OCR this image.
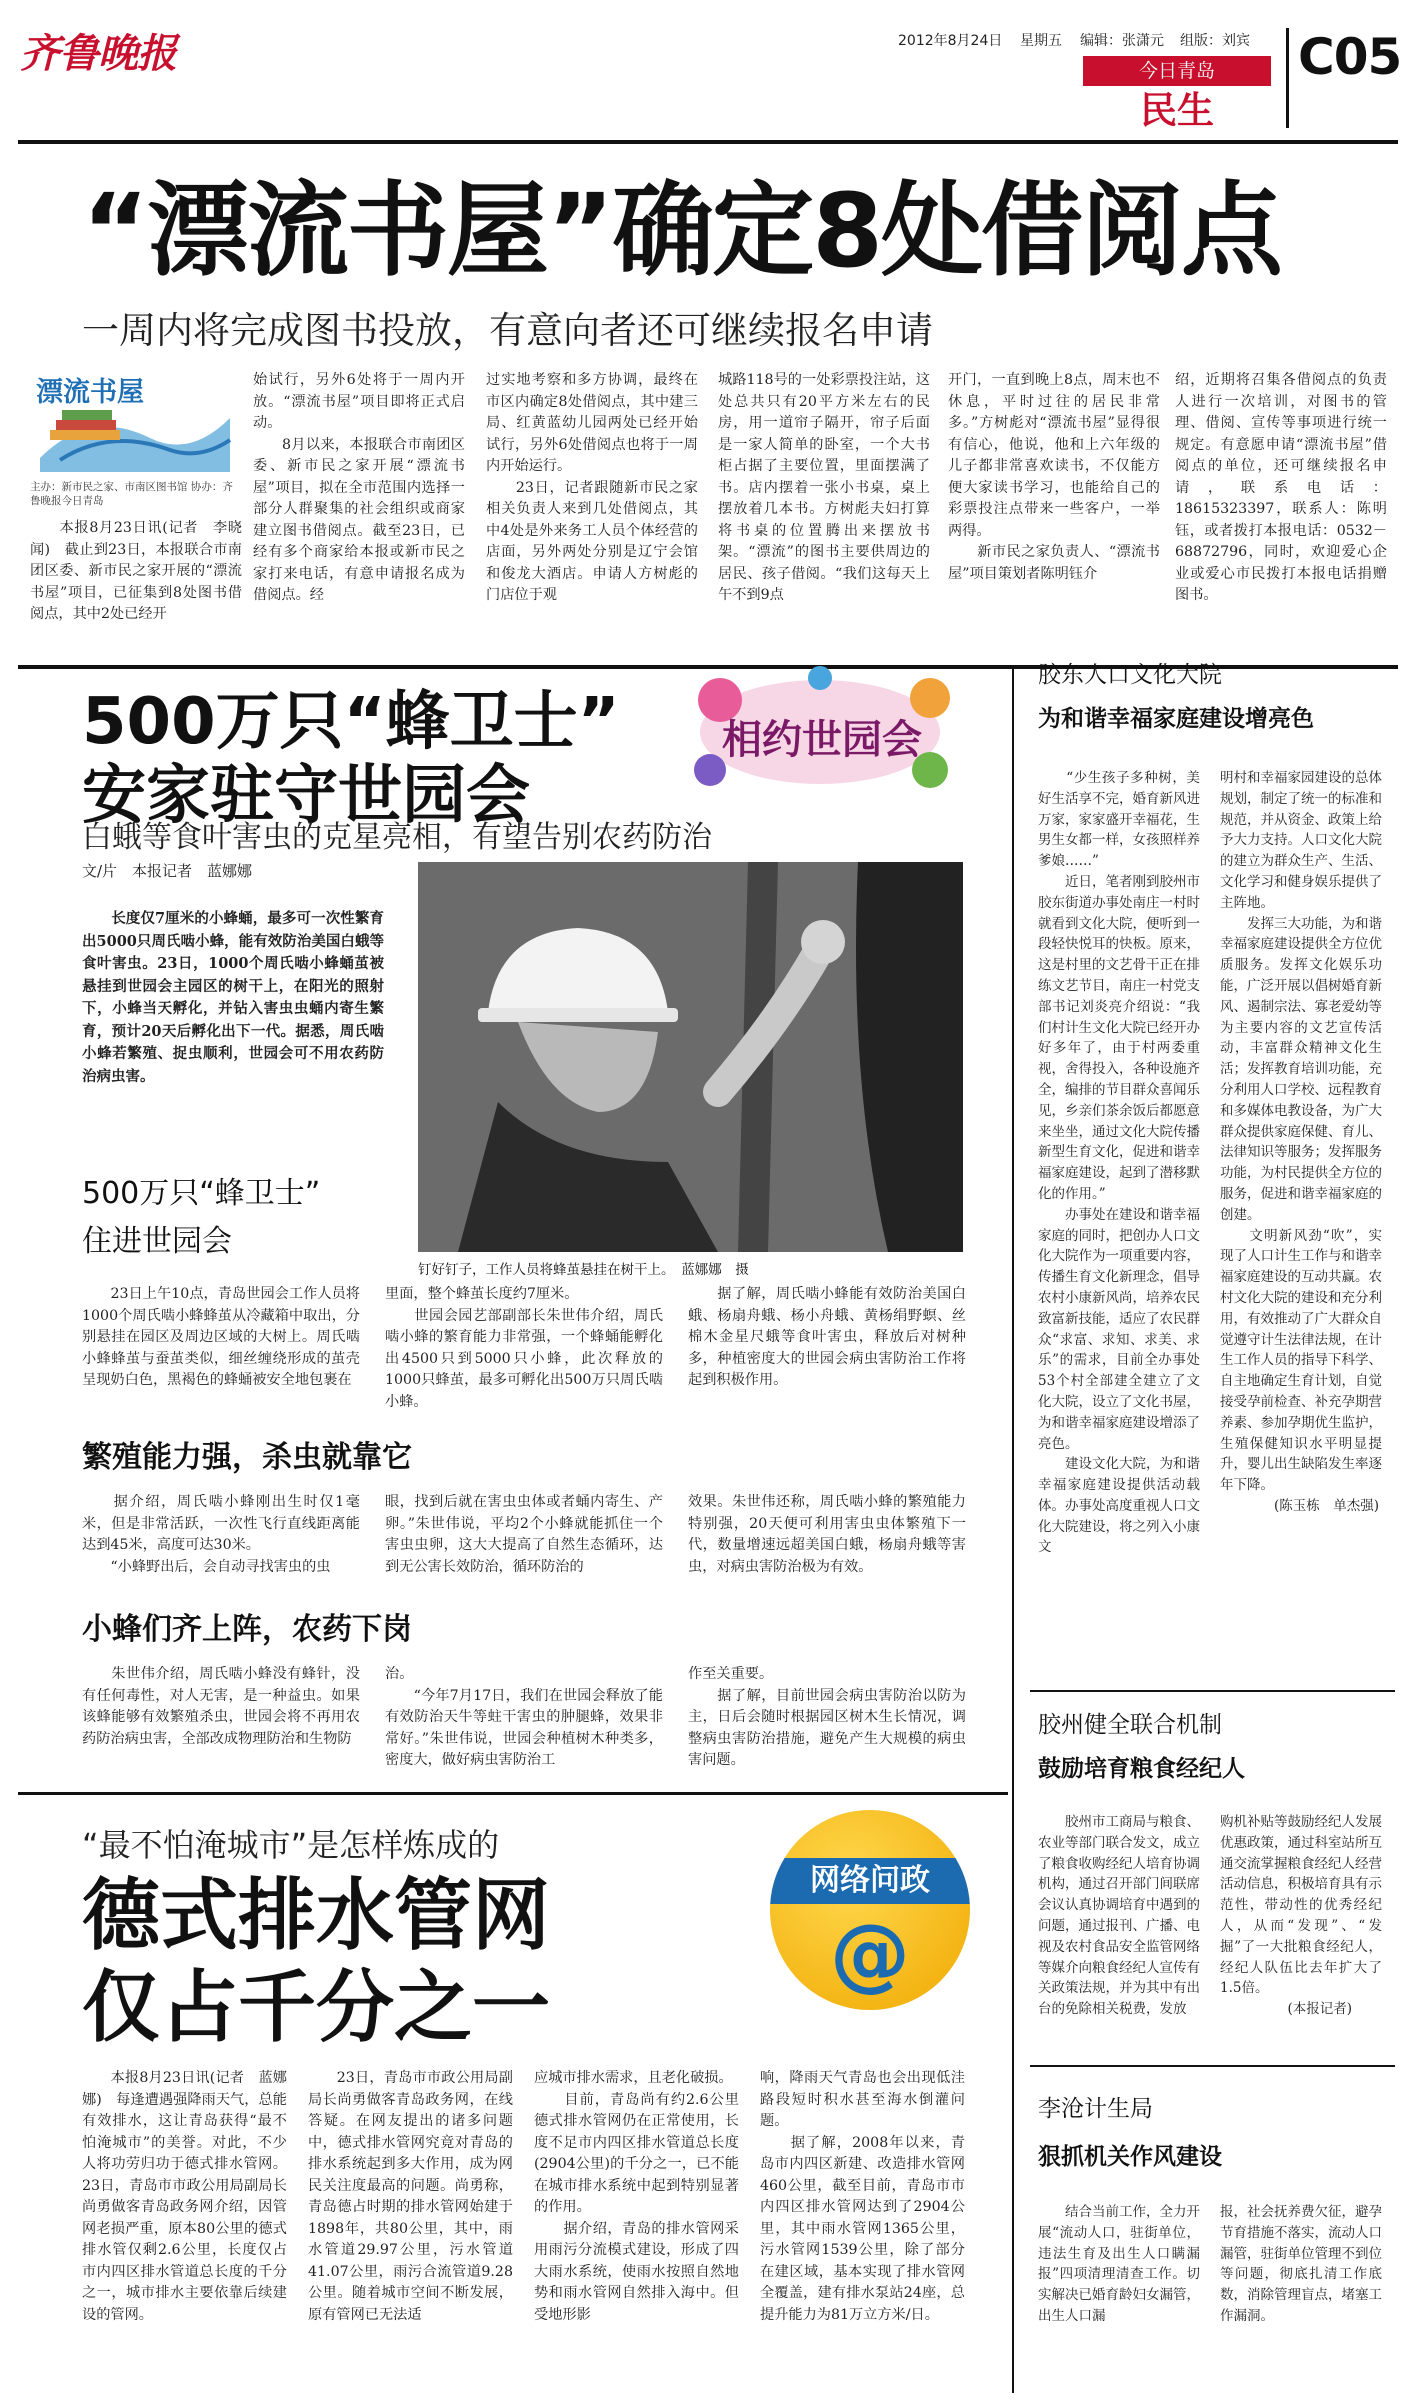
齐鲁晚报	2012年8月24日 星期五 编辑：张潇元 组版：刘宾
今日青岛
民生
C05
“漂流书屋”确定8处借阅点
一周内将完成图书投放，有意向者还可继续报名申请
漂流书屋
主办：新市民之家、市南区图书馆 协办：齐鲁晚报今日青岛
　　本报8月23日讯(记者　李晓闻)　截止到23日，本报联合市南团区委、新市民之家开展的“漂流书屋”项目，已征集到8处图书借阅点，其中2处已经开
始试行，另外6处将于一周内开放。“漂流书屋”项目即将正式启动。
　　8月以来，本报联合市南团区委、新市民之家开展“漂流书屋”项目，拟在全市范围内选择一部分人群聚集的社会组织或商家建立图书借阅点。截至23日，已经有多个商家给本报或新市民之家打来电话，有意申请报名成为借阅点。经
过实地考察和多方协调，最终在市区内确定8处借阅点，其中建三局、红黄蓝幼儿园两处已经开始试行，另外6处借阅点也将于一周内开始运行。
　　23日，记者跟随新市民之家相关负责人来到几处借阅点，其中4处是外来务工人员个体经营的店面，另外两处分别是辽宁会馆和俊龙大酒店。申请人方树彪的门店位于观
城路118号的一处彩票投注站，这处总共只有20平方米左右的民房，用一道帘子隔开，帘子后面是一家人简单的卧室，一个大书柜占据了主要位置，里面摆满了书。店内摆着一张小书桌，桌上摆放着几本书。方树彪夫妇打算将书桌的位置腾出来摆放书架。“漂流”的图书主要供周边的居民、孩子借阅。“我们这每天上午不到9点
开门，一直到晚上8点，周末也不休息，平时过往的居民非常多。”方树彪对“漂流书屋”显得很有信心，他说，他和上六年级的儿子都非常喜欢读书，不仅能方便大家读书学习，也能给自己的彩票投注点带来一些客户，一举两得。
　　新市民之家负责人、“漂流书屋”项目策划者陈明钰介
绍，近期将召集各借阅点的负责人进行一次培训，对图书的管理、借阅、宣传等事项进行统一规定。有意愿申请“漂流书屋”借阅点的单位，还可继续报名申请，联系电话：18615323397，联系人：陈明钰，或者拨打本报电话：0532－68872796，同时，欢迎爱心企业或爱心市民拨打本报电话捐赠图书。
500万只“蜂卫士”
安家驻守世园会
白蛾等食叶害虫的克星亮相，有望告别农药防治
相约世园会
文/片　本报记者　蓝娜娜
　　长度仅7厘米的小蜂蛹，最多可一次性繁育出5000只周氏啮小蜂，能有效防治美国白蛾等食叶害虫。23日，1000个周氏啮小蜂蛹茧被悬挂到世园会主园区的树干上，在阳光的照射下，小蜂当天孵化，并钻入害虫虫蛹内寄生繁育，预计20天后孵化出下一代。据悉，周氏啮小蜂若繁殖、捉虫顺利，世园会可不用农药防治病虫害。
钉好钉子，工作人员将蜂茧悬挂在树干上。　蓝娜娜　摄
500万只“蜂卫士”
住进世园会
　　23日上午10点，青岛世园会工作人员将1000个周氏啮小蜂蜂茧从冷藏箱中取出，分别悬挂在园区及周边区域的大树上。周氏啮小蜂蜂茧与蚕茧类似，细丝缠绕形成的茧壳呈现奶白色，黑褐色的蜂蛹被安全地包裹在
里面，整个蜂茧长度约7厘米。
　　世园会园艺部副部长朱世伟介绍，周氏啮小蜂的繁育能力非常强，一个蜂蛹能孵化出4500只到5000只小蜂，此次释放的1000只蜂茧，最多可孵化出500万只周氏啮小蜂。
　　据了解，周氏啮小蜂能有效防治美国白蛾、杨扇舟蛾、杨小舟蛾、黄杨绢野螟、丝棉木金星尺蛾等食叶害虫，释放后对树种多，种植密度大的世园会病虫害防治工作将起到积极作用。
繁殖能力强，杀虫就靠它
　　据介绍，周氏啮小蜂刚出生时仅1毫米，但是非常活跃，一次性飞行直线距离能达到45米，高度可达30米。
　　“小蜂野出后，会自动寻找害虫的虫
眼，找到后就在害虫虫体或者蛹内寄生、产卵。”朱世伟说，平均2个小蜂就能抓住一个害虫虫卵，这大大提高了自然生态循环，达到无公害长效防治，循环防治的
效果。朱世伟还称，周氏啮小蜂的繁殖能力特别强，20天便可利用害虫虫体繁殖下一代，数量增速远超美国白蛾，杨扇舟蛾等害虫，对病虫害防治极为有效。
小蜂们齐上阵，农药下岗
　　朱世伟介绍，周氏啮小蜂没有蜂针，没有任何毒性，对人无害，是一种益虫。如果该蜂能够有效繁殖杀虫，世园会将不再用农药防治病虫害，全部改成物理防治和生物防
治。
　　“今年7月17日，我们在世园会释放了能有效防治天牛等蛀干害虫的肿腿蜂，效果非常好。”朱世伟说，世园会种植树木种类多，密度大，做好病虫害防治工
作至关重要。
　　据了解，目前世园会病虫害防治以防为主，日后会随时根据园区树木生长情况，调整病虫害防治措施，避免产生大规模的病虫害问题。
“最不怕淹城市”是怎样炼成的
德式排水管网
仅占千分之一
网络问政
@
　　本报8月23日讯(记者　蓝娜娜)　每逢遭遇强降雨天气，总能有效排水，这让青岛获得“最不怕淹城市”的美誉。对此，不少人将功劳归功于德式排水管网。23日，青岛市市政公用局副局长尚勇做客青岛政务网介绍，因管网老损严重，原本80公里的德式排水管仅剩2.6公里，长度仅占市内四区排水管道总长度的千分之一，城市排水主要依靠后续建设的管网。
　　23日，青岛市市政公用局副局长尚勇做客青岛政务网，在线答疑。在网友提出的诸多问题中，德式排水管网究竟对青岛的排水系统起到多大作用，成为网民关注度最高的问题。尚勇称，青岛德占时期的排水管网始建于1898年，共80公里，其中，雨水管道29.97公里，污水管道41.07公里，雨污合流管道9.28公里。随着城市空间不断发展，原有管网已无法适
应城市排水需求，且老化破损。
　　目前，青岛尚有约2.6公里德式排水管网仍在正常使用，长度不足市内四区排水管道总长度(2904公里)的千分之一，已不能在城市排水系统中起到特别显著的作用。
　　据介绍，青岛的排水管网采用雨污分流模式建设，形成了四大雨水系统，使雨水按照自然地势和雨水管网自然排入海中。但受地形影
响，降雨天气青岛也会出现低洼路段短时积水甚至海水倒灌问题。
　　据了解，2008年以来，青岛市内四区新建、改造排水管网460公里，截至目前，青岛市市内四区排水管网达到了2904公里，其中雨水管网1365公里，污水管网1539公里，除了部分在建区域，基本实现了排水管网全覆盖，建有排水泵站24座，总提升能力为81万立方米/日。
胶东人口文化大院
为和谐幸福家庭建设增亮色
　　“少生孩子多种树，美好生活享不完，婚育新风进万家，家家盛开幸福花，生男生女都一样，女孩照样养爹娘……”
　　近日，笔者刚到胶州市胶东街道办事处南庄一村时就看到文化大院，便听到一段轻快悦耳的快板。原来，这是村里的文艺骨干正在排练文艺节目，南庄一村党支部书记刘炎亮介绍说：“我们村计生文化大院已经开办好多年了，由于村两委重视，舍得投入，各种设施齐全，编排的节目群众喜闻乐见，乡亲们茶余饭后都愿意来坐坐，通过文化大院传播新型生育文化，促进和谐幸福家庭建设，起到了潜移默化的作用。”
　　办事处在建设和谐幸福家庭的同时，把创办人口文化大院作为一项重要内容，传播生育文化新理念，倡导农村小康新风尚，培养农民致富新技能，适应了农民群众“求富、求知、求美、求乐”的需求，目前全办事处53个村全部建全建立了文化大院，设立了文化书屋，为和谐幸福家庭建设增添了亮色。
　　建设文化大院，为和谐幸福家庭建设提供活动载体。办事处高度重视人口文化大院建设，将之列入小康文
明村和幸福家园建设的总体规划，制定了统一的标准和规范，并从资金、政策上给予大力支持。人口文化大院的建立为群众生产、生活、文化学习和健身娱乐提供了主阵地。
　　发挥三大功能，为和谐幸福家庭建设提供全方位优质服务。发挥文化娱乐功能，广泛开展以倡树婚育新风、遏制宗法、寡老爱幼等为主要内容的文艺宣传活动，丰富群众精神文化生活；发挥教育培训功能，充分利用人口学校、远程教育和多媒体电教设备，为广大群众提供家庭保健、育儿、法律知识等服务；发挥服务功能，为村民提供全方位的服务，促进和谐幸福家庭的创建。
　　文明新风劲“吹”，实现了人口计生工作与和谐幸福家庭建设的互动共赢。农村文化大院的建设和充分利用，有效推动了广大群众自觉遵守计生法律法规，在计生工作人员的指导下科学、自主地确定生育计划，自觉接受孕前检查、补充孕期营养素、参加孕期优生监护，生殖保健知识水平明显提升，婴儿出生缺陷发生率逐年下降。
　　　　(陈玉栋　单杰强)
胶州健全联合机制
鼓励培育粮食经纪人
　　胶州市工商局与粮食、农业等部门联合发文，成立了粮食收购经纪人培育协调机构，通过召开部门间联席会议认真协调培育中遇到的问题，通过报刊、广播、电视及农村食品安全监管网络等媒介向粮食经纪人宣传有关政策法规，并为其中有出台的免除相关税费，发放
购机补贴等鼓励经纪人发展优惠政策，通过科室站所互通交流掌握粮食经纪人经营活动信息，积极培育具有示范性，带动性的优秀经纪人，从而“发现”、“发掘”了一大批粮食经纪人，经纪人队伍比去年扩大了1.5倍。
　　　　　(本报记者)
李沧计生局
狠抓机关作风建设
　　结合当前工作，全力开展“流动人口，驻街单位，违法生育及出生人口瞒漏报”四项清理清查工作。切实解决已婚育龄妇女漏管，出生人口漏
报，社会抚养费欠征，避孕节育措施不落实，流动人口漏管，驻街单位管理不到位等问题，彻底扎清工作底数，消除管理盲点，堵塞工作漏洞。
